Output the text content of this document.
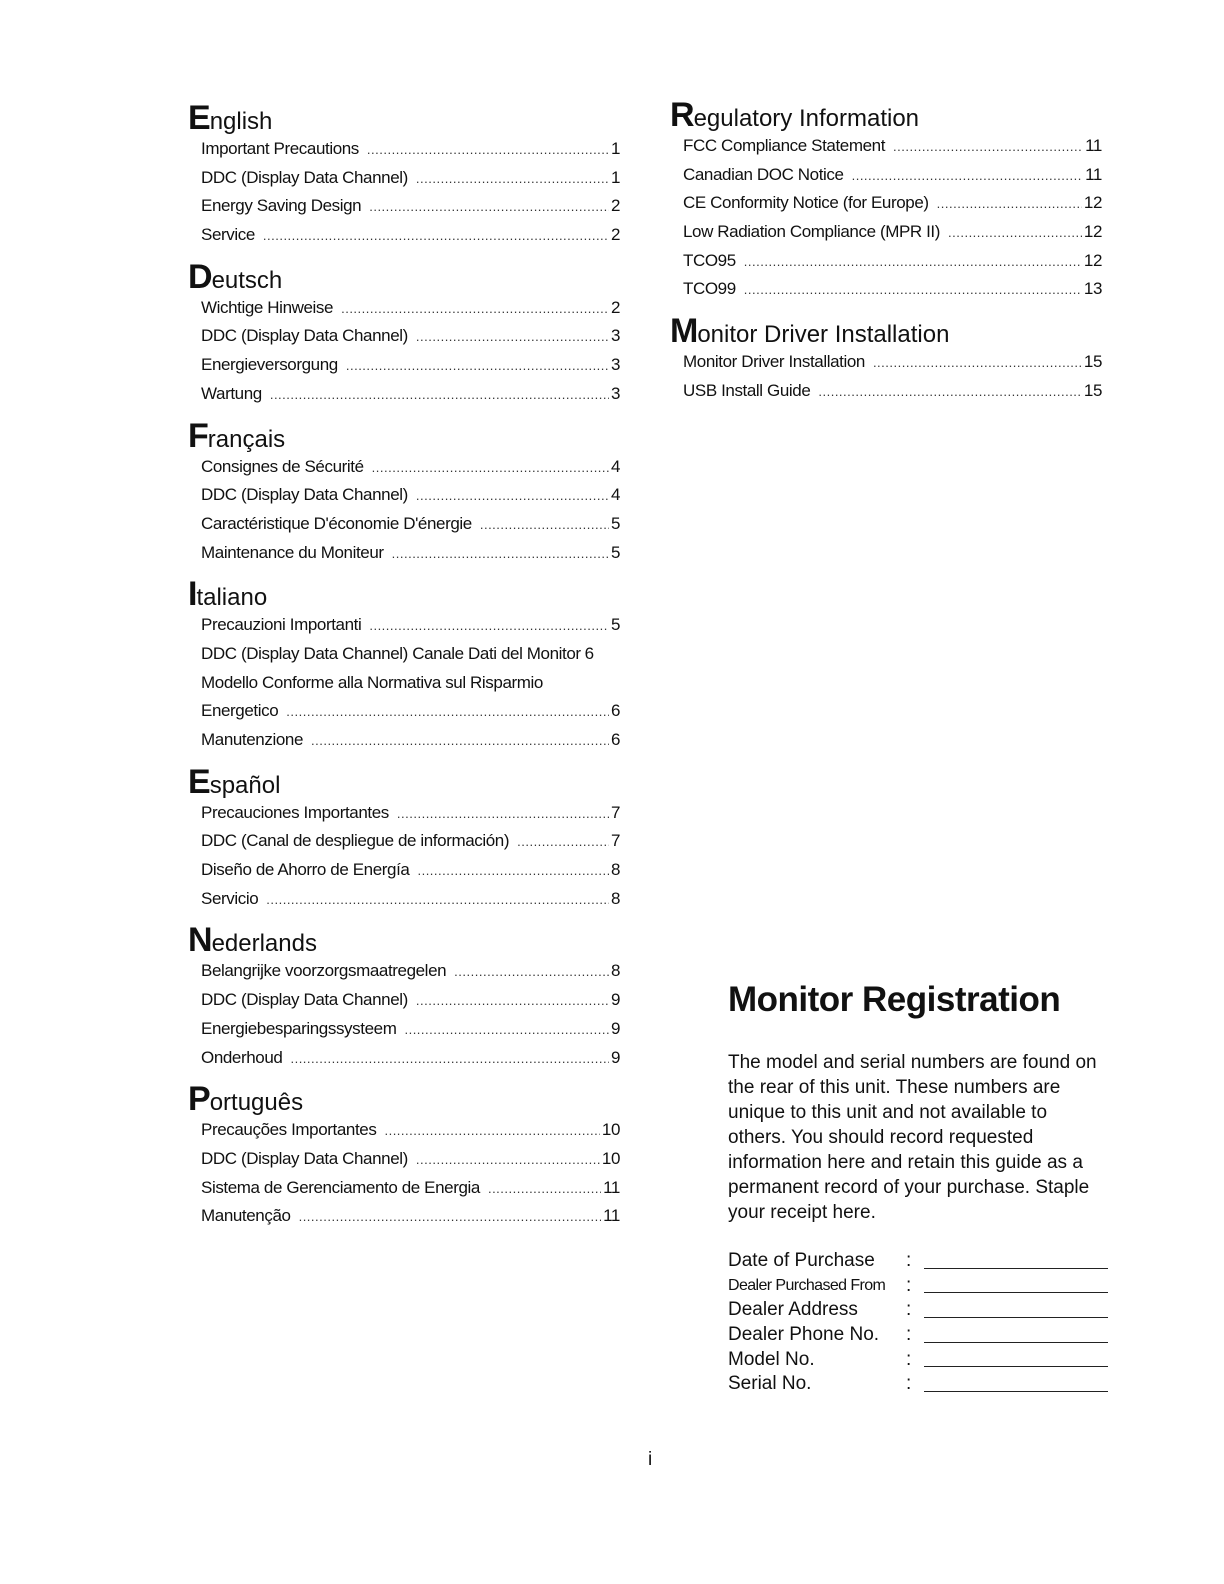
English
Important Precautions .....	1
DDC (Display Data Channel) .....	1
Energy Saving Design .....	2
Service .....	2
Deutsch
Wichtige Hinweise .....	2
DDC (Display Data Channel) .....	3
Energieversorgung .....	3
Wartung .....	3
Français
Consignes de Sécurité .....	4
DDC (Display Data Channel) .....	4
Caractéristique D'économie D'énergie .....	5
Maintenance du Moniteur .....	5
Italiano
Precauzioni Importanti .....	5
DDC (Display Data Channel) Canale Dati del Monitor 6
Modello Conforme alla Normativa sul Risparmio
Energetico .....	6
Manutenzione .....	6
Español
Precauciones Importantes .....	7
DDC (Canal de despliegue de información) .....	7
Diseño de Ahorro de Energía .....	8
Servicio .....	8
Nederlands
Belangrijke voorzorgsmaatregelen .....	8
DDC (Display Data Channel) .....	9
Energiebesparingssysteem .....	9
Onderhoud .....	9
Português
Precauções Importantes .....	10
DDC (Display Data Channel) .....	10
Sistema de Gerenciamento de Energia .....	11
Manutenção .....	11
Regulatory Information
FCC Compliance Statement .....	11
Canadian DOC Notice .....	11
CE Conformity Notice (for Europe) .....	12
Low Radiation Compliance (MPR II) .....	12
TCO95 .....	12
TCO99 .....	13
Monitor Driver Installation
Monitor Driver Installation .....	15
USB Install Guide .....	15
Monitor Registration

The model and serial numbers are found on the rear of this unit. These numbers are unique to this unit and not available to others. You should record requested information here and retain this guide as a permanent record of your purchase. Staple your receipt here.

Date of Purchase	:
Dealer Purchased From	:
Dealer Address	:
Dealer Phone No.	:
Model No.	:
Serial No.	:
i
